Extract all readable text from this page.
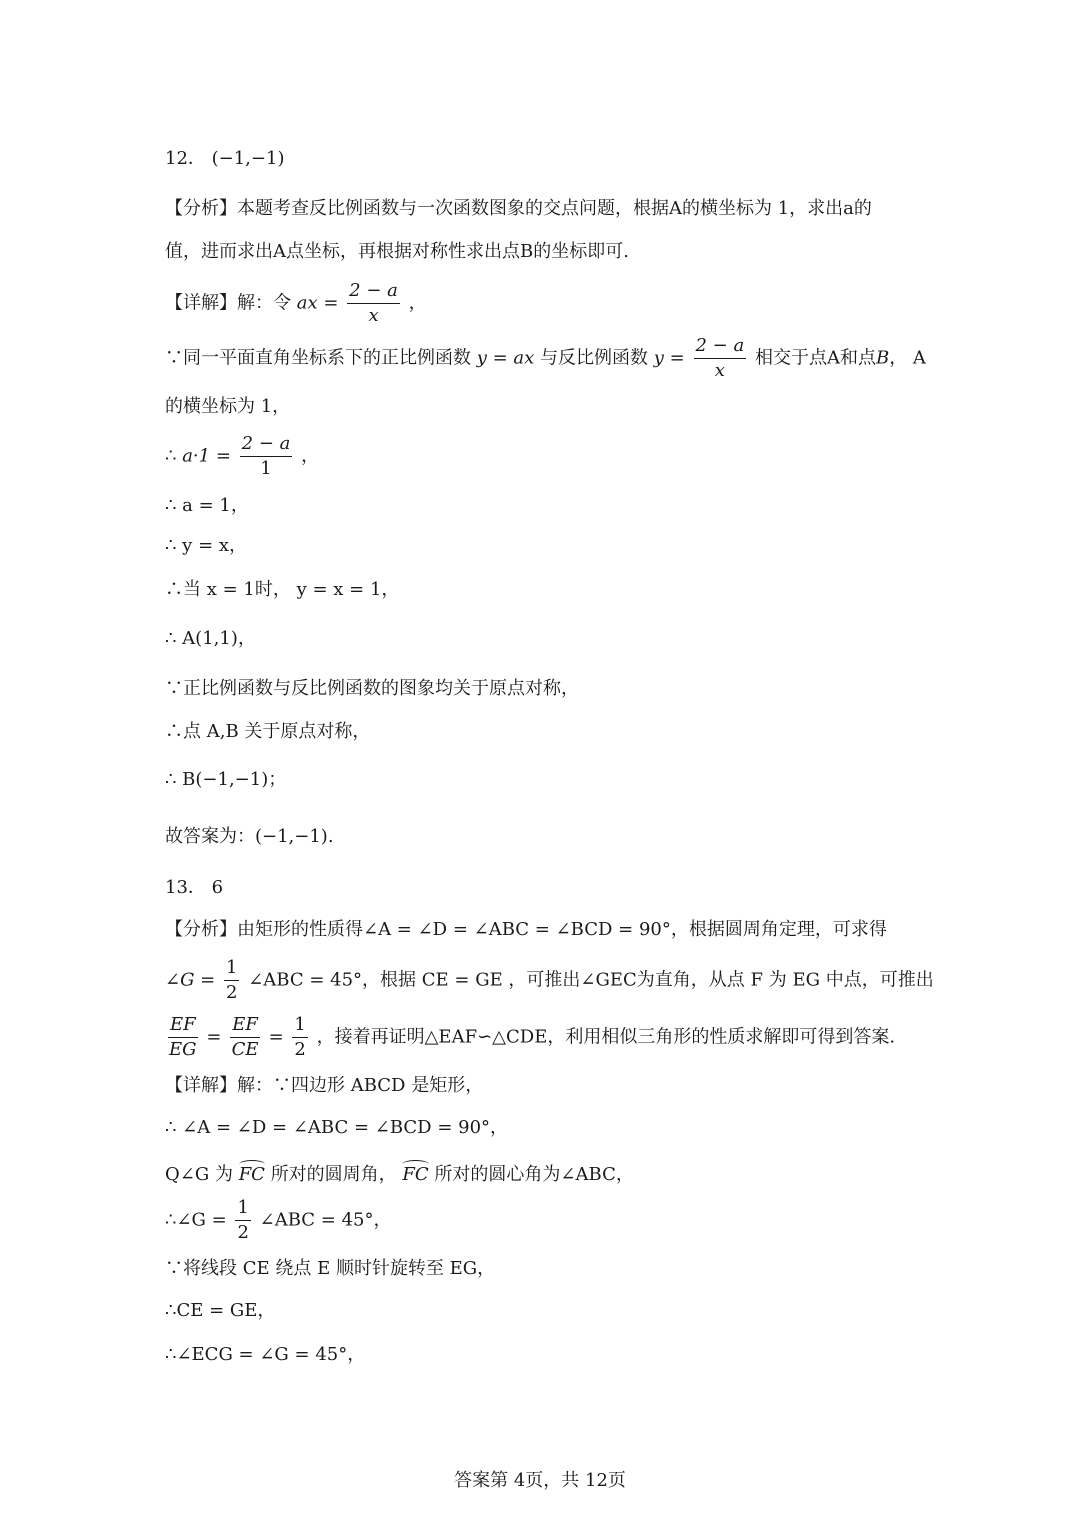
12． (−1,−1)
【分析】本题考查反比例函数与一次函数图象的交点问题，根据A的横坐标为 1，求出a的
值，进而求出A点坐标，再根据对称性求出点B的坐标即可.
【详解】解：令 ax = $\frac{2 - a}{x}$ ，
∵同一平面直角坐标系下的正比例函数 y = ax 与反比例函数 $y = \frac{2 - a}{x}$ 相交于点A和点B， A
的横坐标为 1，
∴ $a\cdot 1 = \frac{2 - a}{1}$ ，
∴ a = 1，
∴ y = x，
∴当 x = 1时， y = x = 1，
∴ A(1,1)，
∵正比例函数与反比例函数的图象均关于原点对称，
∴点 A,B 关于原点对称，
∴ B(−1,−1)；
故答案为：(−1,−1).
13． 6
【分析】由矩形的性质得∠A = ∠D = ∠ABC = ∠BCD = 90°，根据圆周角定理，可求得
∠G = $\frac{1}{2}$ ∠ABC = 45°，根据 CE = GE ，可推出∠GEC为直角，从点 F 为 EG 中点，可推出
$\frac{EF}{EG} = \frac{EF}{CE} = \frac{1}{2}$ ，接着再证明△EAF∽△CDE，利用相似三角形的性质求解即可得到答案.
【详解】解：∵四边形 ABCD 是矩形，
∴ ∠A = ∠D = ∠ABC = ∠BCD = 90°，
Q∠G 为 FC 所对的圆周角， FC 所对的圆心角为∠ABC，
∴∠G = $\frac{1}{2}$ ∠ABC = 45°，
∵将线段 CE 绕点 E 顺时针旋转至 EG，
∴CE = GE，
∴∠ECG = ∠G = 45°，
答案第 4页，共 12页
